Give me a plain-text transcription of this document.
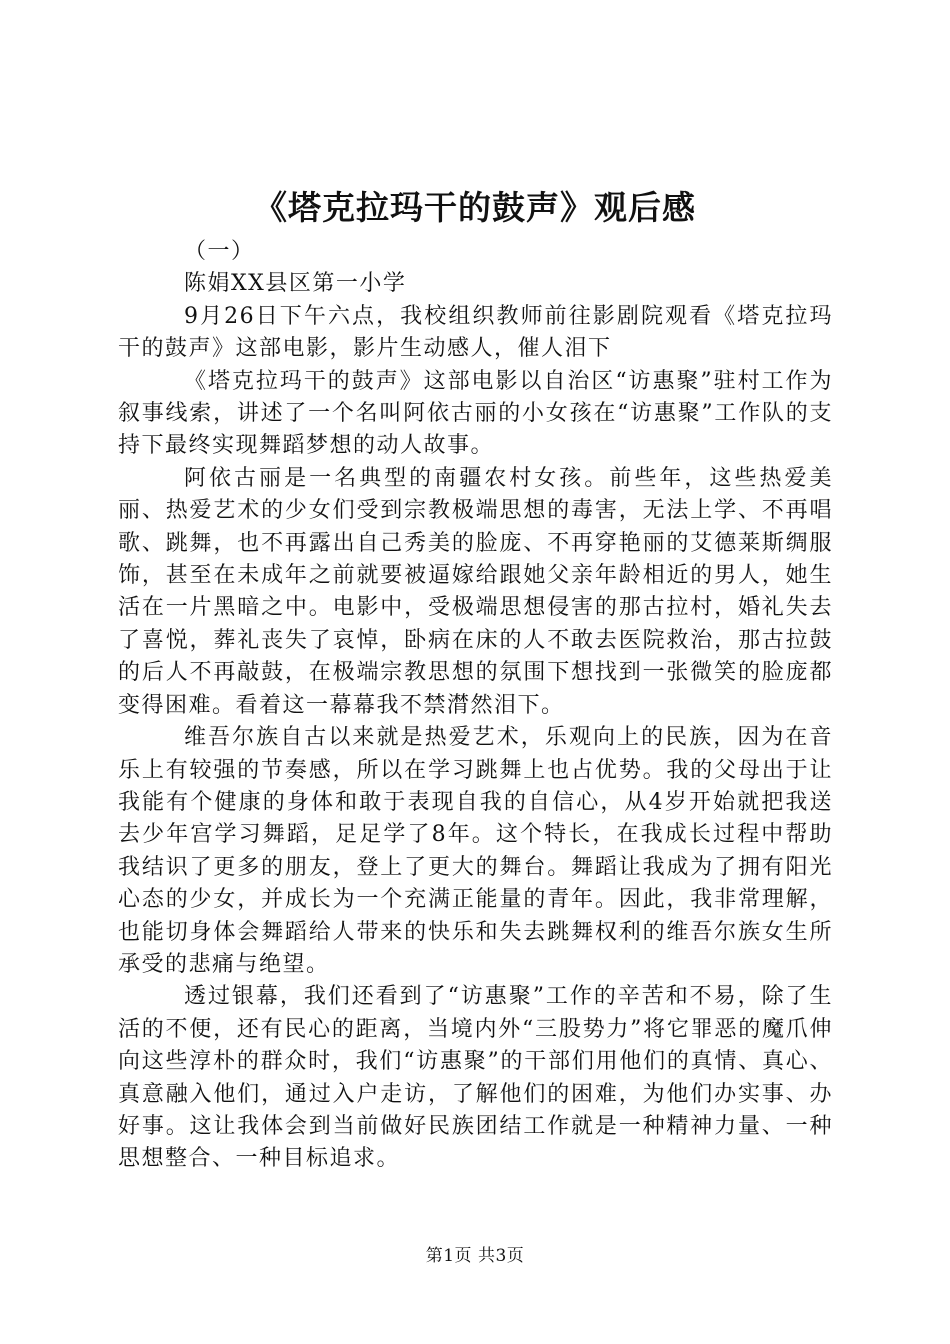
《塔克拉玛干的鼓声》观后感

（一）

陈娟XX县区第一小学

9月26日下午六点，我校组织教师前往影剧院观看《塔克拉玛干的鼓声》这部电影，影片生动感人，催人泪下

《塔克拉玛干的鼓声》这部电影以自治区“访惠聚”驻村工作为叙事线索，讲述了一个名叫阿依古丽的小女孩在“访惠聚”工作队的支持下最终实现舞蹈梦想的动人故事。

阿依古丽是一名典型的南疆农村女孩。前些年，这些热爱美丽、热爱艺术的少女们受到宗教极端思想的毒害，无法上学、不再唱歌、跳舞，也不再露出自己秀美的脸庞、不再穿艳丽的艾德莱斯绸服饰，甚至在未成年之前就要被逼嫁给跟她父亲年龄相近的男人，她生活在一片黑暗之中。电影中，受极端思想侵害的那古拉村，婚礼失去了喜悦，葬礼丧失了哀悼，卧病在床的人不敢去医院救治，那古拉鼓的后人不再敲鼓，在极端宗教思想的氛围下想找到一张微笑的脸庞都变得困难。看着这一幕幕我不禁潸然泪下。

维吾尔族自古以来就是热爱艺术，乐观向上的民族，因为在音乐上有较强的节奏感，所以在学习跳舞上也占优势。我的父母出于让我能有个健康的身体和敢于表现自我的自信心，从4岁开始就把我送去少年宫学习舞蹈，足足学了8年。这个特长，在我成长过程中帮助我结识了更多的朋友，登上了更大的舞台。舞蹈让我成为了拥有阳光心态的少女，并成长为一个充满正能量的青年。因此，我非常理解，也能切身体会舞蹈给人带来的快乐和失去跳舞权利的维吾尔族女生所承受的悲痛与绝望。

透过银幕，我们还看到了“访惠聚”工作的辛苦和不易，除了生活的不便，还有民心的距离，当境内外“三股势力”将它罪恶的魔爪伸向这些淳朴的群众时，我们“访惠聚”的干部们用他们的真情、真心、真意融入他们，通过入户走访，了解他们的困难，为他们办实事、办好事。这让我体会到当前做好民族团结工作就是一种精神力量、一种思想整合、一种目标追求。

第1页 共3页
